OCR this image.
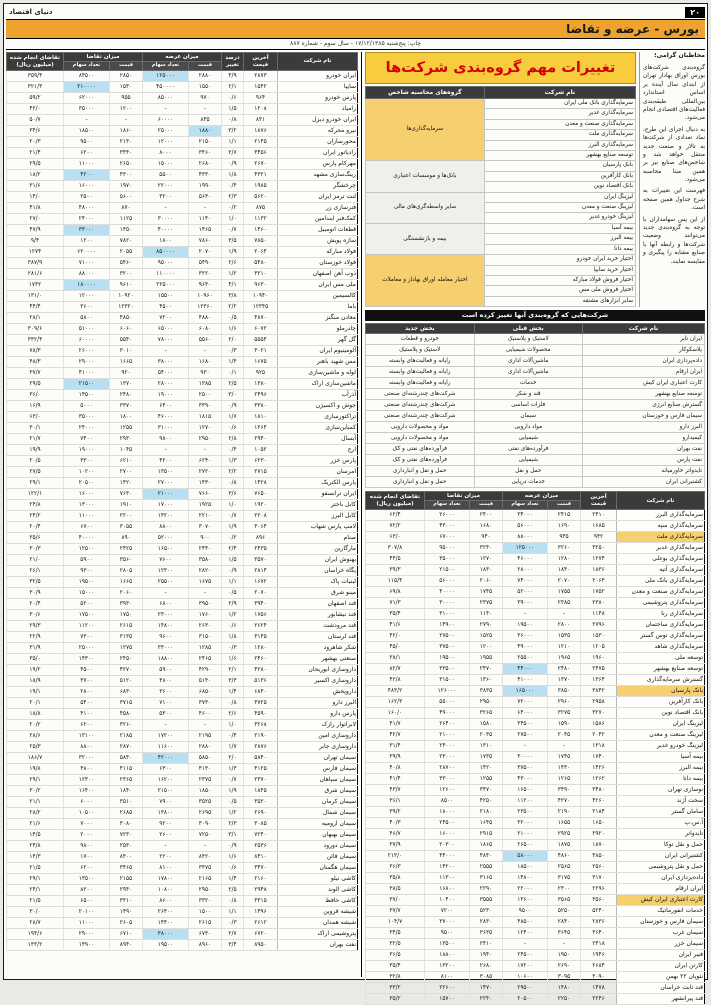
۲۰
دنیای اقتصاد
بورس - عرضه و تقاضا
چاپ: پنج‌شنبه ۱۷/۱۲/۱۳۸۵ - سال سوم - شماره ۸۸۷

مخاطبان گرامی؛

گروه‌بندی شرکت‌های بورس اوراق بهادار تهران از ابتدای سال آینده بر اساس استاندارد بین‌المللی طبقه‌بندی فعالیت‌های اقتصادی انجام می‌شود.

به دنبال اجرای این طرح، نماد تعدادی از شرکت‌ها به تالار و صنعت جدید منتقل خواهد شد و شاخص‌های صنایع نیز بر همین مبنا محاسبه می‌شود.

فهرست این تغییرات به شرح جداول همین صفحه است.

از این پس سهامداران با توجه به گروه‌بندی جدید می‌توانند وضعیت شرکت‌ها و رابطه آنها با صنایع مشابه را پیگیری و مقایسه نمایند.

تغییرات مهم گروه‌بندی شرکت‌ها
نام شرکت	گروه‌های محاسبه شاخص
سرمایه‌گذاری بانک ملی ایران	سرمایه‌گذاری‌ها
سرمایه‌گذاری غدیر	
سرمایه‌گذاری صنعت و معدن	
سرمایه‌گذاری ملت	
سرمایه‌گذاری البرز	
توسعه صنایع بهشهر	
بانک پارسیان	بانک‌ها و موسسات اعتباری
بانک کارآفرین	
بانک اقتصاد نوین	
لیزینگ ایران	سایر واسطه‌گری‌های مالی
لیزینگ صنعت و معدن	
لیزینگ خودرو غدیر	
بیمه آسیا	بیمه و بازنشستگی
بیمه البرز	
بیمه دانا	
اختیار خرید ایران خودرو	اختیار معامله اوراق بهادار و معاملات
اختیار خرید سایپا	
اختیار فروش فولاد مبارکه	
اختیار فروش ملی مس	
سایر ابزارهای مشتقه	
شرکت‌هایی که گروه‌بندی آنها تغییر کرده است
نام شرکت	بخش قبلی	بخش جدید
ایران تایر	لاستیک و پلاستیک	خودرو و قطعات
پلاسکوکار	محصولات شیمیایی	لاستیک و پلاستیک
داده‌پردازی ایران	ماشین‌آلات اداری	رایانه و فعالیت‌های وابسته
ایران ارقام	ماشین‌آلات اداری	رایانه و فعالیت‌های وابسته
کارت اعتباری ایران کیش	خدمات	رایانه و فعالیت‌های وابسته
توسعه صنایع بهشهر	قند و شکر	شرکت‌های چندرشته‌ای صنعتی
گسترش صنایع انرژی	فلزات اساسی	شرکت‌های چندرشته‌ای صنعتی
سیمان فارس و خوزستان	سیمان	شرکت‌های چندرشته‌ای صنعتی
البرز دارو	مواد دارویی	مواد و محصولات دارویی
کیمیدارو	شیمیایی	مواد و محصولات دارویی
نفت بهران	فرآورده‌های نفتی	فرآورده‌های نفتی و کک
نفت پارس	شیمیایی	فرآورده‌های نفتی و کک
تایدواتر خاورمیانه	حمل و نقل	حمل و نقل و انبارداری
کشتیرانی ایران	خدمات دریایی	حمل و نقل و انبارداری
نام شرکت	آخرین قیمت	میزان عرضه		میزان تقاضا		تقاضای انجام شده (میلیون ریال)
		قیمت	تعداد سهام	قیمت	تعداد سهام	
سرمایه‌گذاری البرز	۲۴۱۰	۲۴۱۵	۳۴۰۰۰	۲۴۰۰	۲۶۰۰۰	۶۲/۴
سرمایه‌گذاری سپه	۱۶۸۵	۱۶۹۰	۵۶۰۰۰	۱۶۸۰	۴۳۰۰۰	۷۲/۲
سرمایه‌گذاری ملت	۹۴۲	۹۴۵	۸۸۰۰۰	۹۴۰	۶۷۰۰۰	۶۳/۰
سرمایه‌گذاری غدیر	۳۲۵۰	۳۲۶۰	۱۲۵۰۰۰	۳۲۴۰	۹۵۰۰۰	۳۰۷/۸
سرمایه‌گذاری بوعلی	۱۲۷۴	۱۲۸۰	۴۶۰۰۰	۱۲۷۰	۳۵۰۰۰	۴۴/۵
سرمایه‌گذاری آتیه	۱۸۳۶	۱۸۴۰	۲۸۰۰۰	۱۸۳۰	۲۱۵۰۰	۳۹/۳
سرمایه‌گذاری بانک ملی	۲۰۶۴	۲۰۷۰	۷۴۰۰۰	۲۰۶۰	۵۶۰۰۰	۱۱۵/۴
سرمایه‌گذاری صنعت و معدن	۱۷۵۲	۱۷۵۵	۵۲۰۰۰	۱۷۴۵	۴۰۰۰۰	۶۹/۸
سرمایه‌گذاری پتروشیمی	۲۳۸۰	۲۳۸۵	۳۹۰۰۰	۲۳۷۵	۳۰۰۰۰	۷۱/۳
سرمایه‌گذاری رنا	۱۱۴۸	-	-	۱۱۴۰	۳۱۰۰۰	۳۵/۴
سرمایه‌گذاری ساختمان	۲۷۹۶	۲۸۰۰	۱۹۵۰۰	۲۷۹۰	۱۴۹۰۰	۴۱/۶
سرمایه‌گذاری توس گستر	۱۵۳۰	۱۵۳۵	۳۶۰۰۰	۱۵۲۵	۲۷۵۰۰	۴۲/۰
سرمایه‌گذاری شاهد	۱۲۰۵	۱۲۱۰	۴۹۰۰۰	۱۲۰۰	۳۷۵۰۰	۴۵/۰
توسعه ملی	۱۹۶۰	۱۹۶۵	۲۵۵۰۰	۱۹۵۵	۱۹۵۰۰	۳۸/۱
توسعه صنایع بهشهر	۲۴۷۵	۲۴۸۰	۴۴۰۰۰	۲۴۷۰	۳۳۵۰۰	۸۲/۷
گسترش سرمایه‌گذاری	۱۳۶۴	۱۳۷۰	۴۱۰۰۰	۱۳۶۰	۳۱۵۰۰	۴۲/۸
بانک پارسیان	۳۸۴۲	۳۸۵۰	۱۶۵۰۰۰	۳۸۳۵	۱۲۶۰۰۰	۴۸۳/۲
بانک کارآفرین	۲۹۵۸	۲۹۶۰	۷۲۰۰۰	۲۹۵۰	۵۵۰۰۰	۱۶۲/۳
بانک اقتصاد نوین	۳۲۷۰	۳۲۷۵	۶۴۰۰۰	۳۲۶۵	۴۹۰۰۰	۱۶۰/۰
لیزینگ ایران	۱۵۸۶	۱۵۹۰	۳۴۵۰۰	۱۵۸۰	۲۶۴۰۰	۴۱/۷
لیزینگ صنعت و معدن	۲۰۴۲	۲۰۴۵	۲۷۵۰۰	۲۰۳۵	۲۱۰۰۰	۴۲/۷
لیزینگ خودرو غدیر	۱۳۱۸	-	-	۱۳۱۰	۲۴۰۰۰	۳۱/۴
بیمه آسیا	۱۷۴۰	۱۷۴۵	۳۰۰۰۰	۱۷۳۵	۲۳۰۰۰	۳۹/۹
بیمه البرز	۱۴۲۶	۱۴۳۰	۳۷۵۰۰	۱۴۲۰	۲۸۷۰۰	۴۰/۸
بیمه دانا	۱۲۶۲	۱۲۶۵	۴۳۰۰۰	۱۲۵۵	۳۳۰۰۰	۴۱/۴
نوسازی تهران	۳۴۸۰	۳۴۹۰	۱۶۵۰۰	۳۴۷۰	۱۲۶۰۰	۴۳/۷
سخت آژند	۴۲۶۰	۴۲۷۰	۱۱۲۰۰	۴۲۵۰	۸۵۰۰	۳۶/۱
سامان گستر	۲۱۸۴	۲۱۹۰	۲۳۵۰۰	۲۱۸۰	۱۸۰۰۰	۳۹/۲
آ.س.پ	۱۶۵۰	۱۶۵۵	۳۲۰۰۰	۱۶۴۵	۲۴۵۰۰	۴۰/۳
تایدواتر	۲۹۲۰	۲۹۲۵	۲۱۰۰۰	۲۹۱۵	۱۶۰۰۰	۴۶/۷
حمل و نقل توکا	۱۸۷۰	۱۸۷۵	۲۶۵۰۰	۱۸۶۵	۲۰۳۰۰	۳۷/۹
کشتیرانی ایران	۴۸۵۰	۴۸۶۰	۵۸۰۰۰	۴۸۴۰	۴۴۰۰۰	۲۱۳/۰
حمل و نقل پتروشیمی	۲۵۶۰	۲۵۶۵	۱۸۵۰۰	۲۵۵۵	۱۴۲۰۰	۳۶/۳
داده‌پردازی ایران	۳۱۷۰	۳۱۷۵	۱۴۸۰۰	۳۱۶۵	۱۱۳۰۰	۳۵/۸
ایران ارقام	۲۲۹۶	۲۳۰۰	۲۲۰۰۰	۲۲۹۰	۱۶۸۰۰	۳۸/۵
کارت اعتباری ایران کیش	۳۵۶۰	۳۵۶۵	۱۳۶۰۰	۳۵۵۵	۱۰۴۰۰	۳۷/۰
خدمات انفورماتیک	۵۲۴۰	۵۲۵۰	۹۵۰۰	۵۲۳۰	۷۲۰۰	۳۷/۷
سیمان فارس و خوزستان	۲۸۳۶	۲۸۴۰	۴۸۵۰۰	۲۸۳۰	۳۷۰۰۰	۱۰۴/۷
سیمان غرب	۳۶۴۰	۳۶۴۵	۱۲۴۰۰	۳۶۳۵	۹۵۰۰	۳۴/۵
سیمان خزر	۲۴۱۸	-	-	۲۴۱۰	۱۳۵۰۰	۳۲/۵
فیبر ایران	۱۹۴۶	۱۹۵۰	۲۴۵۰۰	۱۹۴۰	۱۸۸۰۰	۳۶/۵
کارتن ایران	۲۶۸۴	۲۶۹۰	۱۷۲۰۰	۲۶۸۰	۱۳۲۰۰	۳۵/۴
نئوپان ۲۲ بهمن	۳۰۹۰	۳۰۹۵	۱۰۶۰۰	۳۰۸۵	۸۱۰۰	۳۲/۸
قند ثابت خراسان	۱۴۷۸	۱۴۸۰	۲۹۵۰۰	۱۴۷۰	۲۲۶۰۰	۳۳/۲
قند پیرانشهر	۲۲۴۶	۲۲۵۰	۲۰۵۰۰	۲۲۴۰	۱۵۷۰۰	۳۵/۲
نام شرکت	آخرین قیمت	درصد تغییر	میزان عرضه		میزان تقاضا		تقاضای انجام شده (میلیون ریال)
			قیمت	تعداد سهام	قیمت	تعداد سهام	
ایران خودرو	۲۸۷۳	۴/۹	۲۸۸۰	۱۲۵۰۰۰	۲۸۵۰	۸۴۵۰۰	۳۵۹/۴
سایپا	۱۵۴۲	۲/۱	۱۵۵۰	۴۵۰۰۰۰	۱۵۳۰	۲۱۰۰۰۰	۳۲۱/۳
پارس خودرو	۹۶۴	۰/۶	۹۷۰	۸۵۰۰۰	۹۵۵	۶۲۰۰۰	۵۹/۲
زامیاد	۱۲۰۸	۱/۵	-	-	۱۲۰۰	۳۵۰۰۰	۴۲/۰
ایران خودرو دیزل	۸۴۱	۰/۸	۸۴۵	۶۰۰۰۰	-	-	۵۰/۷
نیرو محرکه	۱۸۷۶	۳/۲	۱۸۸۰	۲۵۰۰۰	۱۸۶۰	۱۸۵۰۰	۳۴/۶
محورسازان	۲۱۴۵	۱/۱	۲۱۵۰	۱۲۰۰۰	۲۱۳۰	۹۵۰۰	۲۰/۳
رادیاتور ایران	۳۴۵۶	۲/۷	۳۴۶۰	۸۰۰۰	۳۴۴۰	۶۲۰۰	۲۱/۴
مهرکام پارس	۲۶۷۰	۰/۹	۲۶۸۰	۱۵۰۰۰	۲۶۵۰	۱۱۰۰۰	۲۹/۵
رینگ‌سازی مشهد	۴۳۲۱	۱/۸	۴۳۳۰	۵۵۰۰	۴۳۰۰	۴۲۰۰	۱۸/۲
چرخشگر	۱۹۸۵	۰/۴	۱۹۹۰	۲۲۰۰۰	۱۹۷۰	۱۶۰۰۰	۳۱/۶
لنت ترمز ایران	۵۶۲۰	۲/۳	۵۶۳۰	۳۲۰۰	۵۶۰۰	۲۵۰۰	۱۴/۰
فنرسازی زر	۸۷۵	۰/۲	-	-	۸۷۰	۴۸۰۰۰	۴۱/۸
کمک‌فنر ایندامین	۱۱۳۲	۱/۰	۱۱۴۰	۳۰۰۰۰	۱۱۲۵	۲۴۰۰۰	۲۷/۰
قطعات اتومبیل	۱۴۶۰	۰/۷	۱۴۶۵	۴۰۰۰۰	۱۴۵۰	۳۳۰۰۰	۴۷/۹
سازه پویش	۷۸۵۰	۳/۵	۷۸۶۰	۱۸۰۰	۷۸۲۰	۱۲۰۰	۹/۴
فولاد مبارکه	۲۰۶۴	۱/۹	۲۰۷۰	۸۵۰۰۰۰	۲۰۵۵	۶۲۰۰۰۰	۱۲۷۴
فولاد خوزستان	۵۴۸۰	۲/۶	۵۴۹۰	۹۵۰۰۰	۵۴۶۰	۷۱۰۰۰	۳۸۷/۹
ذوب آهن اصفهان	۳۲۱۰	۱/۲	۳۲۲۰	۱۱۰۰۰۰	۳۲۰۰	۸۸۰۰۰	۲۸۱/۶
ملی مس ایران	۹۶۳۰	۴/۱	۹۶۴۰	۲۲۵۰۰۰	۹۶۱۰	۱۸۰۰۰۰	۱۷۳۲
کالسیمین	۱۰۹۴۰	۳/۸	۱۰۹۶۰	۱۵۵۰۰	۱۰۹۲۰	۱۲۰۰۰	۱۳۱/۰
باما	۱۲۳۴۵	۲/۲	۱۲۳۶۰	۴۵۰۰	۱۲۳۲۰	۳۶۰۰	۴۴/۴
معادن منگنز	۴۸۷۰	۰/۵	۴۸۸۰	۷۲۰۰	۴۸۵۰	۵۸۰۰	۲۸/۱
چادرملو	۶۰۷۲	۱/۶	۶۰۸۰	۶۵۰۰۰	۶۰۶۰	۵۱۰۰۰	۳۰۹/۶
گل گهر	۵۵۵۴	۲/۰	۵۵۶۰	۷۸۰۰۰	۵۵۴۰	۶۰۰۰۰	۳۳۲/۴
آلومینیوم ایران	۳۰۲۱	۰/۳	-	-	۳۰۱۰	۲۶۰۰۰	۷۸/۳
مس شهید باهنر	۱۶۷۵	۱/۴	۱۶۸۰	۳۸۰۰۰	۱۶۶۵	۲۹۰۰۰	۴۸/۳
لوله و ماشین‌سازی	۹۲۵	۰/۱	۹۳۰	۵۴۰۰۰	۹۲۰	۴۱۰۰۰	۳۷/۷
ماشین‌سازی اراک	۱۳۸۰	۲/۵	۱۳۸۵	۲۸۰۰۰	۱۳۷۰	۲۱۵۰۰	۲۹/۵
آذرآب	۲۴۹۶	۳/۰	۲۵۰۰	۱۹۰۰۰	۲۴۸۰	۱۴۵۰۰	۳۶/۰
جوش و اکسیژن	۳۳۸۰	۰/۹	۳۳۹۰	۶۴۰۰	۳۳۷۰	۵۰۰۰	۱۶/۹
تراکتورسازی	۱۸۱۰	۱/۷	۱۸۱۵	۴۶۰۰۰	۱۸۰۰	۳۵۰۰۰	۶۳/۰
کمباین‌سازی	۱۲۶۴	۰/۶	۱۲۷۰	۳۱۰۰۰	۱۲۵۵	۲۴۰۰۰	۳۰/۱
آبسال	۲۹۴۰	۲/۸	۲۹۵۰	۹۸۰۰	۲۹۳۰	۷۴۰۰	۲۱/۷
ارج	۱۰۵۲	۰/۴	-	-	۱۰۴۵	۱۹۰۰۰	۱۹/۹
پارس خزر	۶۲۳۰	۱/۳	۶۲۴۰	۴۲۰۰	۶۲۱۰	۳۳۰۰	۲۰/۵
امرسان	۲۷۱۵	۲/۲	۲۷۲۰	۱۳۵۰۰	۲۷۰۰	۱۰۲۰۰	۲۷/۵
پارس الکتریک	۱۴۲۸	۰/۸	۱۴۳۰	۲۷۰۰۰	۱۴۲۰	۲۰۵۰۰	۲۹/۱
ایران ترانسفو	۷۶۵۰	۳/۶	۷۶۶۰	۲۱۰۰۰	۷۶۳۰	۱۶۰۰۰	۱۲۲/۱
کابل باختر	۱۹۲۰	۱/۰	۱۹۲۵	۱۷۰۰۰	۱۹۱۰	۱۳۰۰۰	۲۴/۸
کابل البرز	۲۲۰۸	۰/۷	۲۲۱۰	۱۴۲۰۰	۲۲۰۰	۱۱۰۰۰	۲۴/۲
لامپ پارس شهاب	۳۰۶۴	۱/۹	۳۰۷۰	۸۸۰۰	۳۰۵۵	۶۷۰۰	۲۰/۴
صنام	۸۹۶	۰/۲	۹۰۰	۵۲۰۰۰	۸۹۰	۴۰۰۰۰	۳۵/۶
مارگارین	۲۴۳۵	۲/۴	۲۴۴۰	۱۶۵۰۰	۲۴۲۵	۱۲۵۰۰	۳۰/۳
بهنوش ایران	۳۵۷۰	۱/۵	۳۵۸۰	۷۶۰۰	۳۵۶۰	۵۹۰۰	۲۱/۰
پگاه خراسان	۲۸۱۴	۰/۹	۲۸۲۰	۱۲۳۰۰	۲۸۰۵	۹۳۰۰	۲۶/۱
لبنیات پاک	۱۶۷۲	۱/۱	۱۶۷۵	۲۵۵۰۰	۱۶۶۵	۱۹۵۰۰	۳۲/۵
مینو شرق	۲۰۷۰	۰/۵	-	-	۲۰۶۰	۱۵۰۰۰	۳۰/۹
قند اصفهان	۳۹۴۰	۲/۹	۳۹۵۰	۶۸۰۰	۳۹۳۰	۵۲۰۰	۲۰/۴
قند نیشابور	۱۷۵۶	۱/۲	۱۷۶۰	۲۳۰۰۰	۱۷۵۰	۱۷۵۰۰	۳۰/۶
قند مرودشت	۲۶۲۴	۰/۶	۲۶۳۰	۱۴۸۰۰	۲۶۱۵	۱۱۲۰۰	۲۹/۳
قند لرستان	۳۱۴۵	۱/۸	۳۱۵۰	۹۶۰۰	۳۱۳۵	۷۳۰۰	۲۲/۹
شکر شاهرود	۱۲۸۰	۰/۳	۱۲۸۵	۳۳۰۰۰	۱۲۷۵	۲۵۰۰۰	۳۱/۹
صنعتی بهشهر	۲۴۶۰	۱/۶	۲۴۶۵	۱۸۸۰۰	۲۴۵۰	۱۴۳۰۰	۳۵/۰
داروسازی ابوریحان	۴۲۸۰	۲/۱	۴۲۹۰	۵۹۰۰	۴۲۷۰	۴۵۰۰	۱۹/۲
داروسازی اکسیر	۵۱۳۶	۳/۳	۵۱۴۰	۴۸۰۰	۵۱۲۰	۳۷۰۰	۱۸/۹
داروپخش	۶۸۴۰	۱/۴	۶۸۵۰	۳۶۰۰	۶۸۳۰	۲۸۰۰	۱۹/۱
البرز دارو	۳۷۲۵	۰/۸	۳۷۳۰	۷۱۰۰	۳۷۱۵	۵۴۰۰	۲۰/۱
پارس دارو	۴۵۹۰	۲/۶	۴۶۰۰	۵۳۰۰	۴۵۸۰	۴۱۰۰	۱۸/۸
لابراتوار رازک	۳۲۶۸	۱/۰	-	-	۳۲۶۰	۶۲۰۰	۲۰/۲
داروسازی امین	۲۱۹۰	۰/۴	۲۱۹۵	۱۷۲۰۰	۲۱۸۵	۱۳۱۰۰	۲۸/۶
داروسازی جابر	۲۸۷۶	۱/۷	۲۸۸۰	۱۱۶۰۰	۲۸۷۰	۸۸۰۰	۲۵/۳
سیمان تهران	۵۸۴۰	۲/۰	۵۸۵۰	۴۲۰۰۰	۵۸۳۰	۳۲۰۰۰	۱۸۶/۷
سیمان فارس	۴۱۲۵	۱/۳	۴۱۳۰	۶۳۰۰	۴۱۱۵	۴۸۰۰	۱۹/۸
سیمان سپاهان	۲۳۷۰	۰/۷	۲۳۷۵	۱۶۲۰۰	۲۳۶۵	۱۲۳۰۰	۲۹/۱
سیمان شرق	۱۸۴۵	۱/۹	۱۸۵۰	۲۱۵۰۰	۱۸۴۰	۱۶۴۰۰	۳۰/۲
سیمان کرمان	۳۵۲۰	۰/۵	۳۵۲۵	۷۹۰۰	۳۵۱۰	۶۰۰۰	۲۱/۱
سیمان شمال	۲۶۹۰	۱/۲	۲۶۹۵	۱۳۸۰۰	۲۶۸۵	۱۰۵۰۰	۲۸/۲
سیمان ارومیه	۳۰۸۵	۲/۳	۳۰۹۰	۹۲۰۰	۳۰۸۰	۷۰۰۰	۲۱/۶
سیمان بهبهان	۷۲۴۰	۳/۱	۷۲۵۰	۲۶۰۰	۷۲۳۰	۲۰۰۰	۱۴/۵
سیمان دورود	۲۵۳۶	۰/۹	-	-	۲۵۳۰	۹۸۰۰	۲۴/۸
سیمان قائن	۸۴۱۰	۱/۶	۸۴۲۰	۲۲۰۰	۸۴۰۰	۱۷۰۰	۱۴/۳
سیمان هگمتان	۳۴۷۰	۰/۶	۳۴۷۵	۸۱۰۰	۳۴۶۵	۶۲۰۰	۲۱/۵
کاشی نیلو	۲۱۶۰	۱/۴	۲۱۶۵	۱۷۸۰۰	۲۱۵۵	۱۳۵۰۰	۲۹/۱
کاشی الوند	۲۹۴۸	۲/۵	۲۹۵۰	۱۰۸۰۰	۲۹۴۰	۸۲۰۰	۲۴/۱
کاشی حافظ	۳۳۱۵	۰/۸	۳۳۲۰	۸۶۰۰	۳۳۱۰	۶۵۰۰	۲۱/۵
شیشه قزوین	۱۴۹۶	۱/۱	۱۵۰۰	۲۶۴۰۰	۱۴۹۰	۲۰۱۰۰	۳۰/۰
شیشه همدان	۲۶۱۲	۰/۳	۲۶۱۵	۱۴۴۰۰	۲۶۰۵	۱۱۰۰۰	۲۸/۷
پتروشیمی اراک	۶۷۲۰	۲/۷	۶۷۳۰	۳۸۰۰۰	۶۷۱۰	۲۹۰۰۰	۱۹۴/۶
نفت بهران	۸۹۵۰	۳/۴	۸۹۶۰	۱۹۵۰۰	۸۹۴۰	۱۴۹۰۰	۱۳۳/۲
